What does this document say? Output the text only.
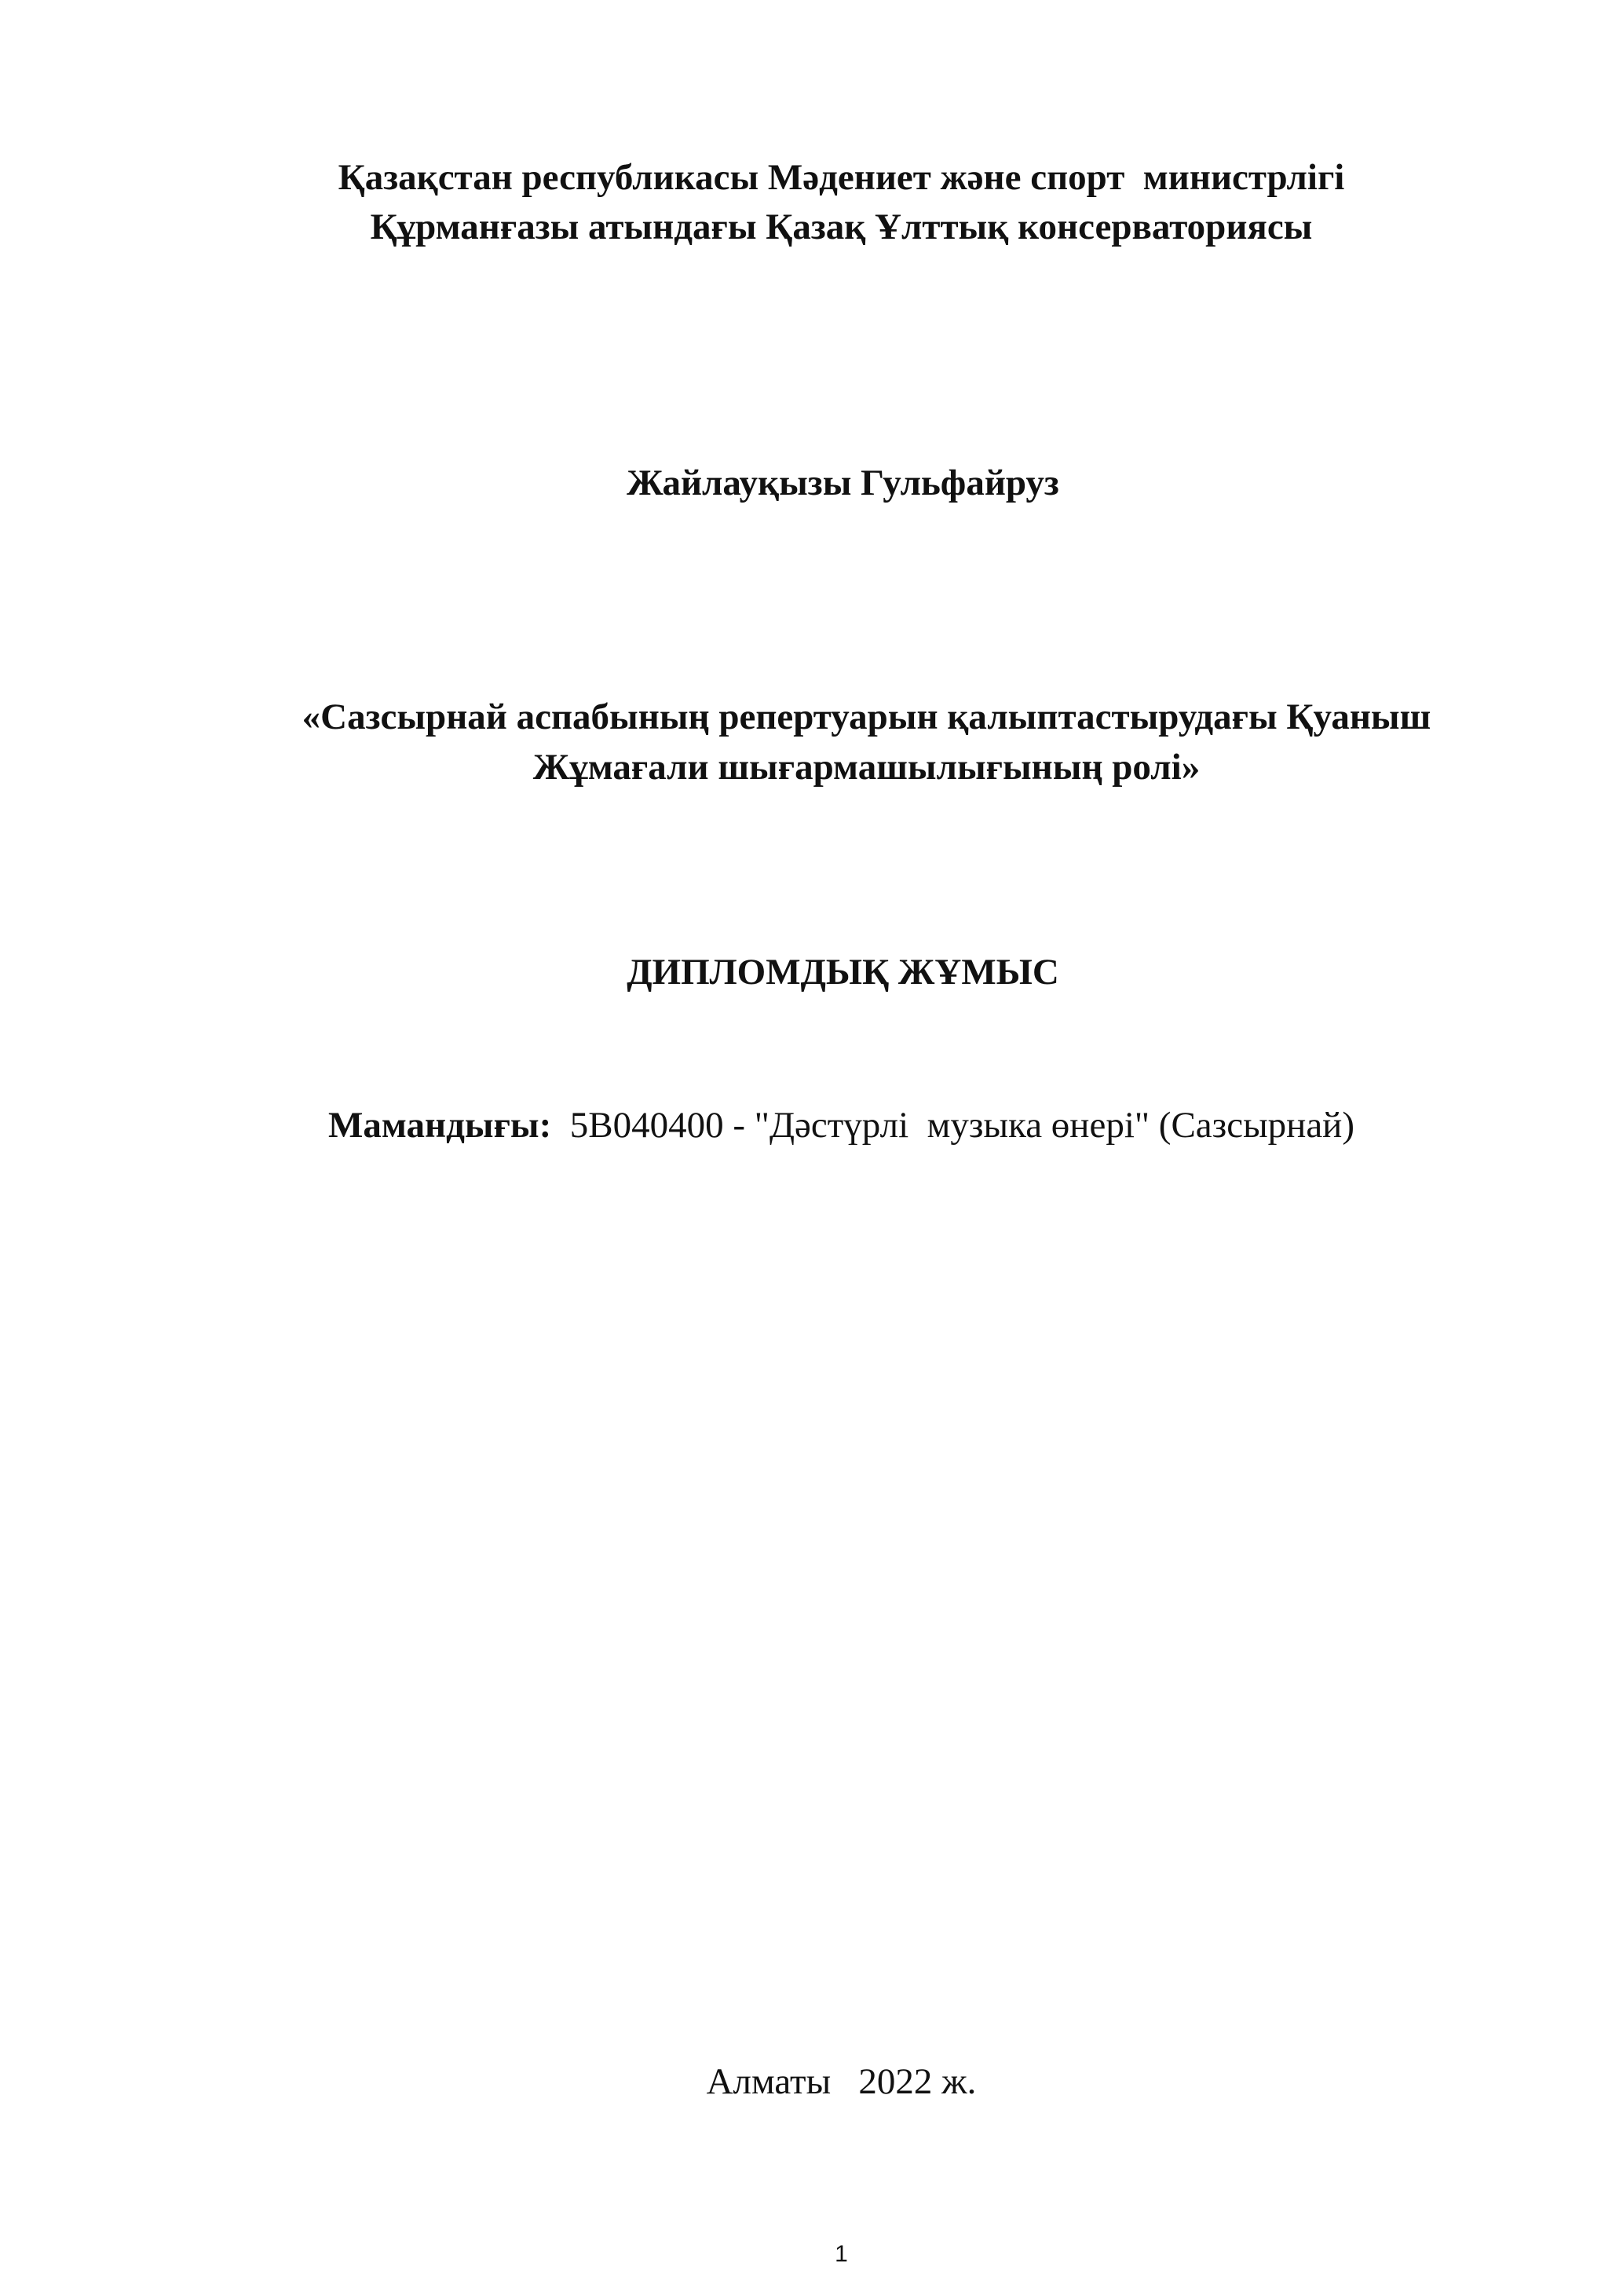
Қазақстан республикасы Мәдениет және спорт  министрлігі
Құрманғазы атындағы Қазақ Ұлттық консерваториясы
Жайлауқызы Гульфайруз
«Сазсырнай аспабының репертуарын қалыптастырудағы Қуаныш
Жұмағали шығармашылығының ролі»
ДИПЛОМДЫҚ ЖҰМЫС
Мамандығы:  5В040400 - "Дәстүрлі  музыка өнері" (Сазсырнай)
Алматы   2022 ж.
1
